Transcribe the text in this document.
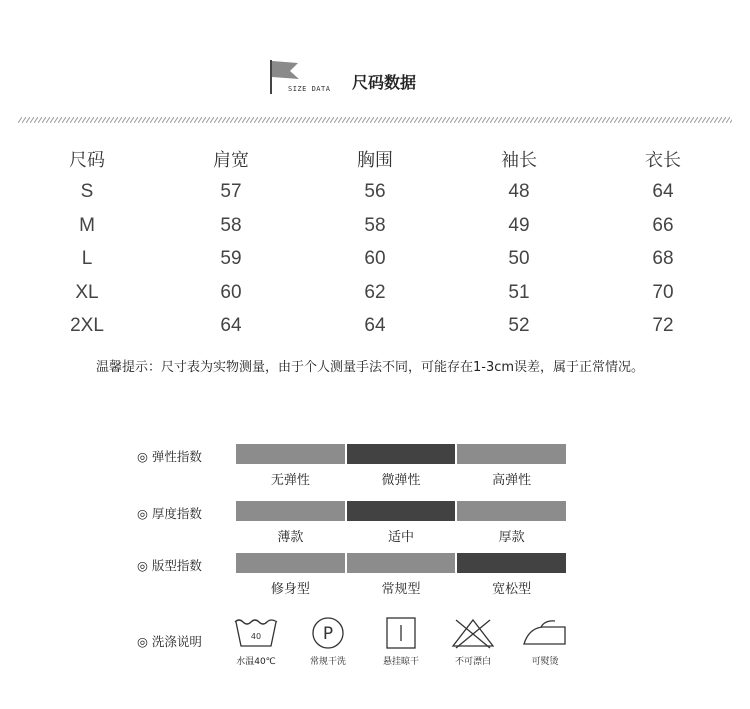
SIZE DATA 尺码数据
尺码	肩宽	胸围	袖长	衣长
S	57	56	48	64
M	58	58	49	66
L	59	60	50	68
XL	60	62	51	70
2XL	64	64	52	72
温馨提示：尺寸表为实物测量，由于个人测量手法不同，可能存在1-3cm误差，属于正常情况。
◎ 弹性指数
无弹性	微弹性	高弹性
◎ 厚度指数
薄款	适中	厚款
◎ 版型指数
修身型	常规型	宽松型
◎ 洗涤说明	40
水温40℃
P
常规干洗	悬挂晾干	不可漂白	可熨烫
